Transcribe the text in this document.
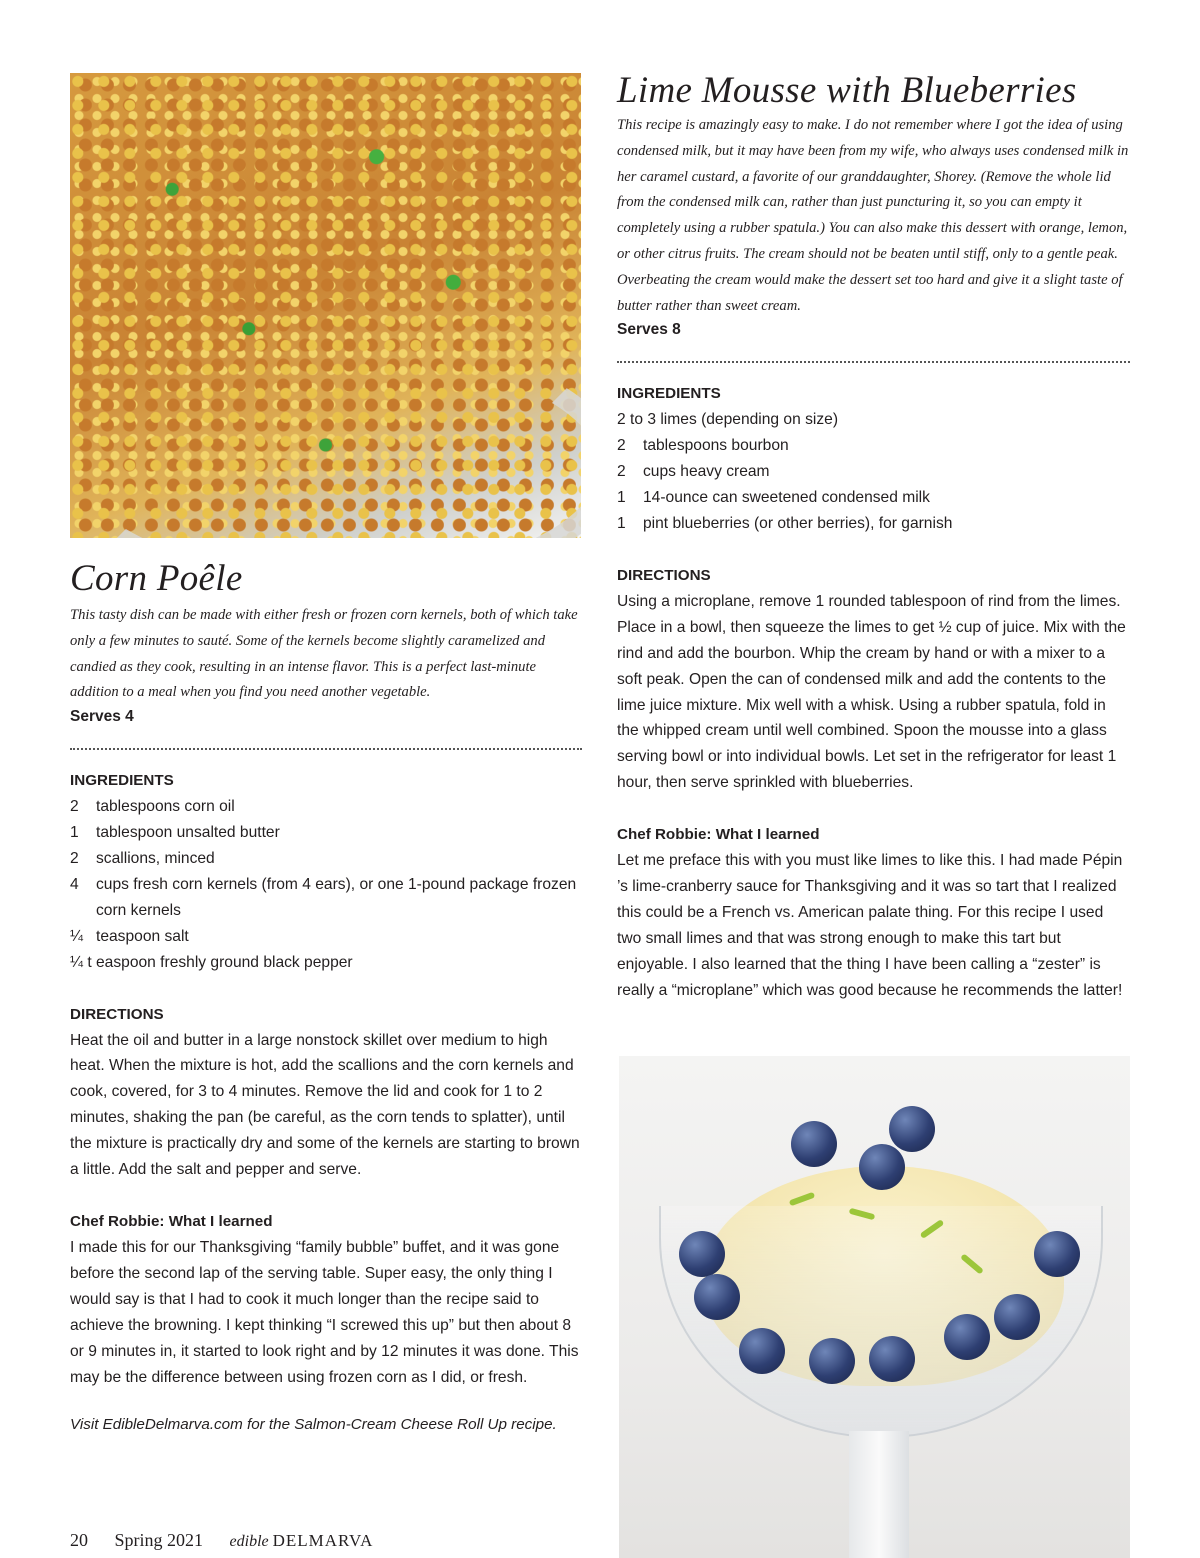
Corn Poêle

This tasty dish can be made with either fresh or frozen corn kernels, both of which take only a few minutes to sauté. Some of the kernels become slightly caramelized and candied as they cook, resulting in an intense flavor. This is a perfect last-minute addition to a meal when you find you need another vegetable.

Serves 4

INGREDIENTS

2	tablespoons corn oil
1	tablespoon unsalted butter
2	scallions, minced
4	cups fresh corn kernels (from 4 ears), or one 1-pound package frozen corn kernels
¼ teaspoon salt
¼ t easpoon freshly ground black pepper

DIRECTIONS

Heat the oil and butter in a large nonstock skillet over medium to high heat. When the mixture is hot, add the scallions and the corn kernels and cook, covered, for 3 to 4 minutes. Remove the lid and cook for 1 to 2 minutes, shaking the pan (be careful, as the corn tends to splatter), until the mixture is practically dry and some of the kernels are starting to brown a little. Add the salt and pepper and serve.

Chef Robbie: What I learned

I made this for our Thanksgiving “family bubble” buffet, and it was gone before the second lap of the serving table. Super easy, the only thing I would say is that I had to cook it much longer than the recipe said to achieve the browning. I kept thinking “I screwed this up” but then about 8 or 9 minutes in, it started to look right and by 12 minutes it was done. This may be the difference between using frozen corn as I did, or fresh.

Visit EdibleDelmarva.com for the Salmon-Cream Cheese Roll Up recipe.

Lime Mousse with Blueberries

This recipe is amazingly easy to make. I do not remember where I got the idea of using condensed milk, but it may have been from my wife, who always uses condensed milk in her caramel custard, a favorite of our granddaughter, Shorey. (Remove the whole lid from the condensed milk can, rather than just puncturing it, so you can empty it completely using a rubber spatula.) You can also make this dessert with orange, lemon, or other citrus fruits. The cream should not be beaten until stiff, only to a gentle peak. Overbeating the cream would make the dessert set too hard and give it a slight taste of butter rather than sweet cream.

Serves 8

INGREDIENTS

2 to 3 limes (depending on size)
2	tablespoons bourbon
2	cups heavy cream
1	14-ounce can sweetened condensed milk
1	pint blueberries (or other berries), for garnish

DIRECTIONS

Using a microplane, remove 1 rounded tablespoon of rind from the limes. Place in a bowl, then squeeze the limes to get ½ cup of juice. Mix with the rind and add the bourbon. Whip the cream by hand or with a mixer to a soft peak. Open the can of condensed milk and add the contents to the lime juice mixture. Mix well with a whisk. Using a rubber spatula, fold in the whipped cream until well combined. Spoon the mousse into a glass serving bowl or into individual bowls. Let set in the refrigerator for least 1 hour, then serve sprinkled with blueberries.

Chef Robbie: What I learned

Let me preface this with you must like limes to like this. I had made Pépin ’s lime-cranberry sauce for Thanksgiving and it was so tart that I realized this could be a French vs. American palate thing. For this recipe I used two small limes and that was strong enough to make this tart but enjoyable. I also learned that the thing I have been calling a “zester” is really a “microplane” which was good because he recommends the latter!

20 Spring 2021 edible DELMARVA
